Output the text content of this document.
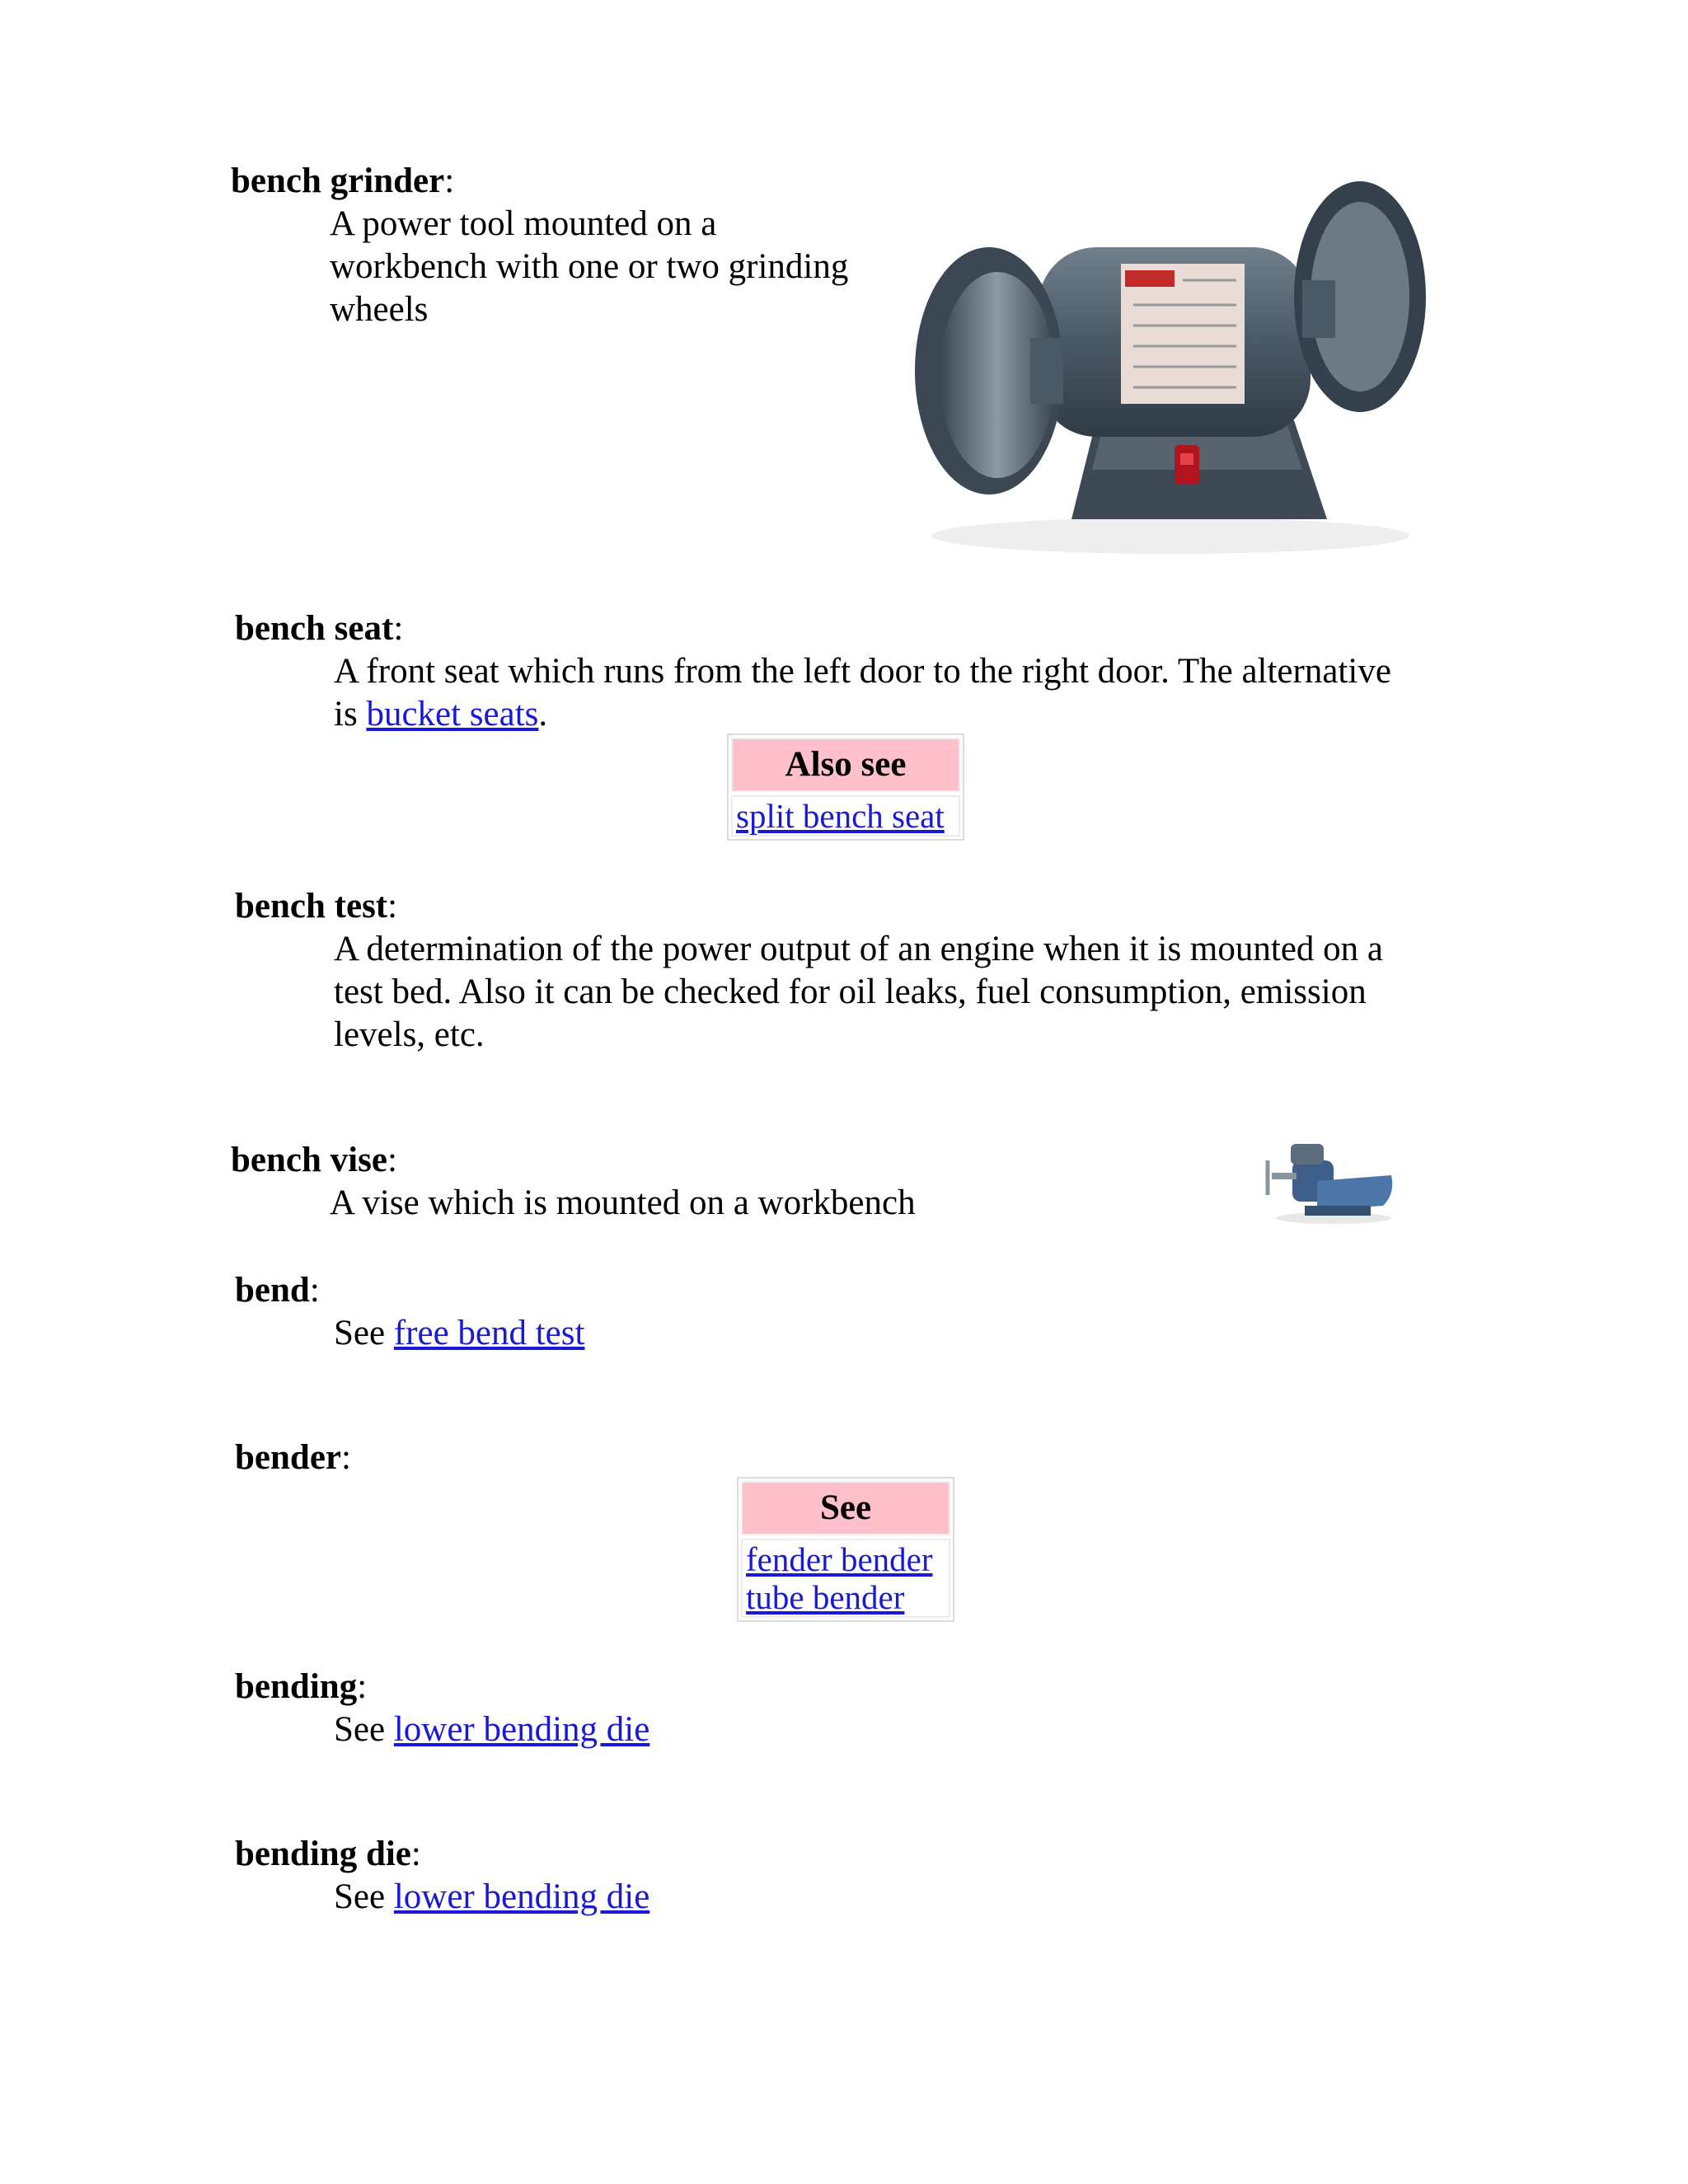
bench grinder:
A power tool mounted on a
workbench with one or two grinding
wheels
bench seat:
A front seat which runs from the left door to the right door. The alternative
is bucket seats.
Also see
split bench seat
bench test:
A determination of the power output of an engine when it is mounted on a
test bed. Also it can be checked for oil leaks, fuel consumption, emission
levels, etc.
bench vise:
A vise which is mounted on a workbench
bend:
See free bend test
bender:
See
fender bender
tube bender
bending:
See lower bending die
bending die:
See lower bending die
